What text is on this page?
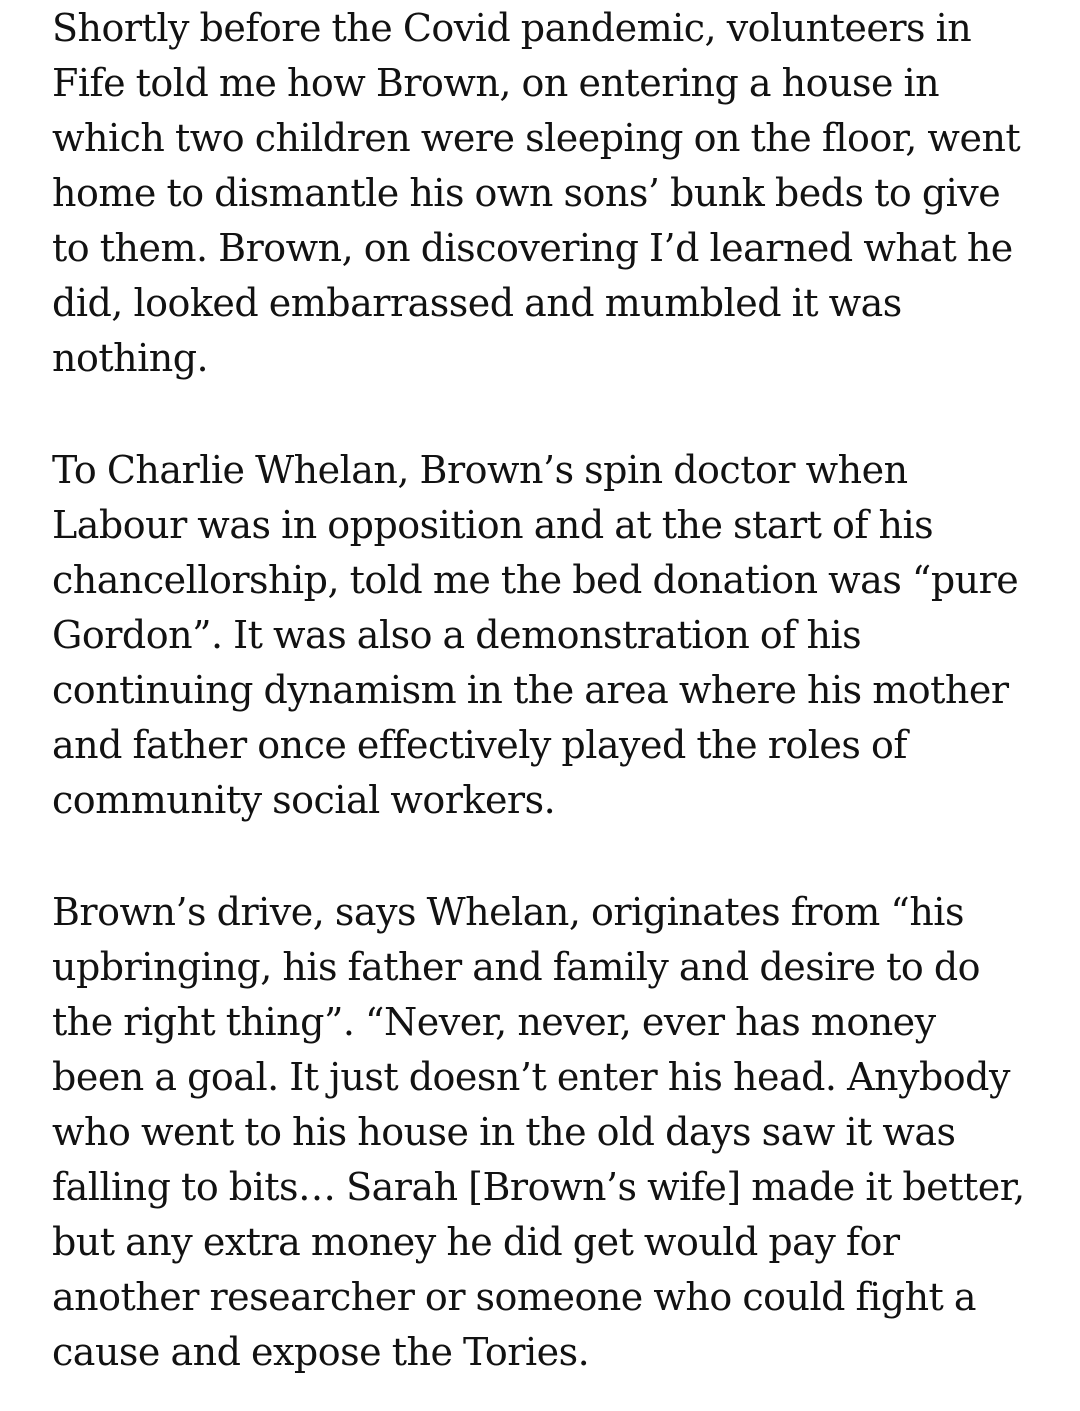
Shortly before the Covid pandemic, volunteers in Fife told me how Brown, on entering a house in which two children were sleeping on the floor, went home to dismantle his own sons’ bunk beds to give to them. Brown, on discovering I’d learned what he did, looked embarrassed and mumbled it was nothing.

To Charlie Whelan, Brown’s spin doctor when Labour was in opposition and at the start of his chancellorship, told me the bed donation was “pure Gordon”. It was also a demonstration of his continuing dynamism in the area where his mother and father once effectively played the roles of community social workers.

Brown’s drive, says Whelan, originates from “his upbringing, his father and family and desire to do the right thing”. “Never, never, ever has money been a goal. It just doesn’t enter his head. Anybody who went to his house in the old days saw it was falling to bits… Sarah [Brown’s wife] made it better, but any extra money he did get would pay for another researcher or someone who could fight a cause and expose the Tories.
